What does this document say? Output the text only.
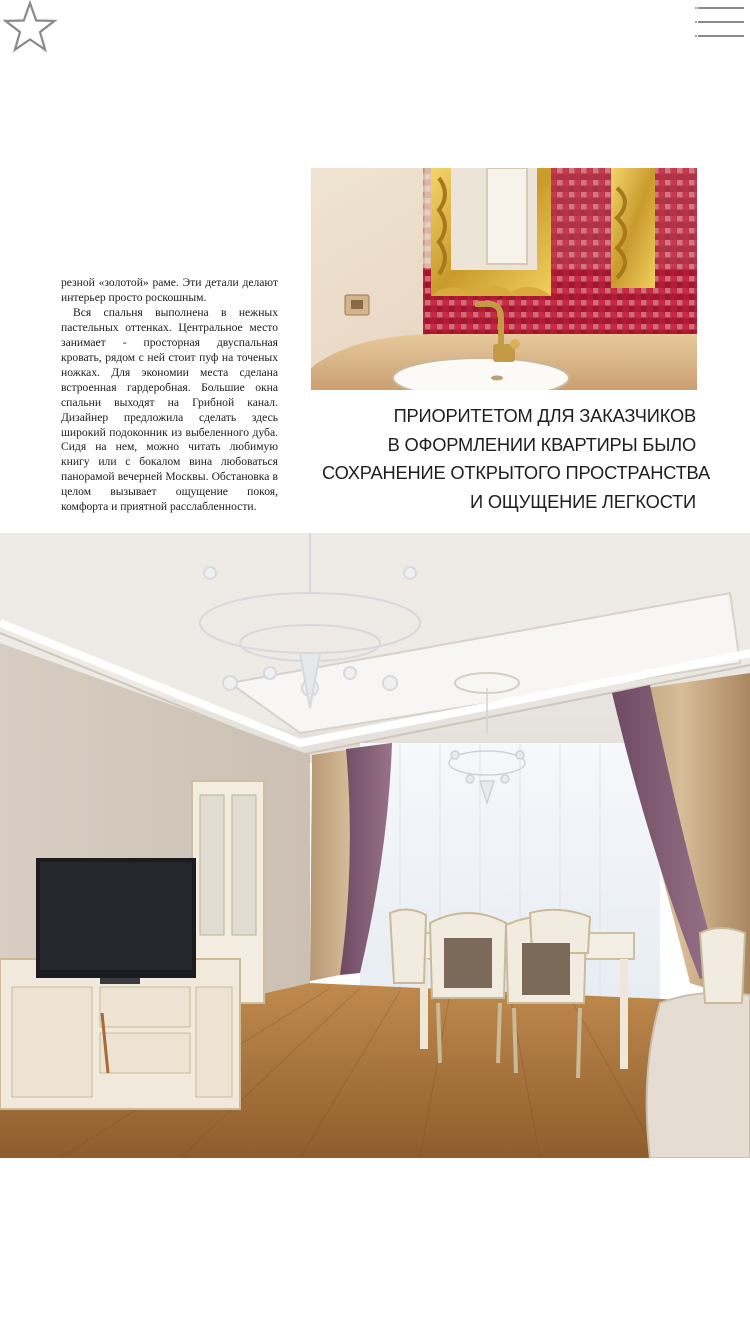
резной «золотой» раме. Эти детали делают интерьер просто роскошным.

Вся спальня выполнена в нежных пастельных оттенках. Центральное место занимает - просторная двуспальная кровать, рядом с ней стоит пуф на точеных ножках. Для экономии места сделана встроенная гардеробная. Большие окна спальни выходят на Грибной канал. Дизайнер предложила сделать здесь широкий подоконник из выбеленного дуба. Сидя на нем, можно читать любимую книгу или с бокалом вина любоваться панорамой вечерней Москвы. Обстановка в целом вызывает ощущение покоя, комфорта и приятной расслабленности.

ПРИОРИТЕТОМ ДЛЯ ЗАКАЗЧИКОВ
В ОФОРМЛЕНИИ КВАРТИРЫ БЫЛО
СОХРАНЕНИЕ ОТКРЫТОГО ПРОСТРАНСТВА
И ОЩУЩЕНИЕ ЛЕГКОСТИ
